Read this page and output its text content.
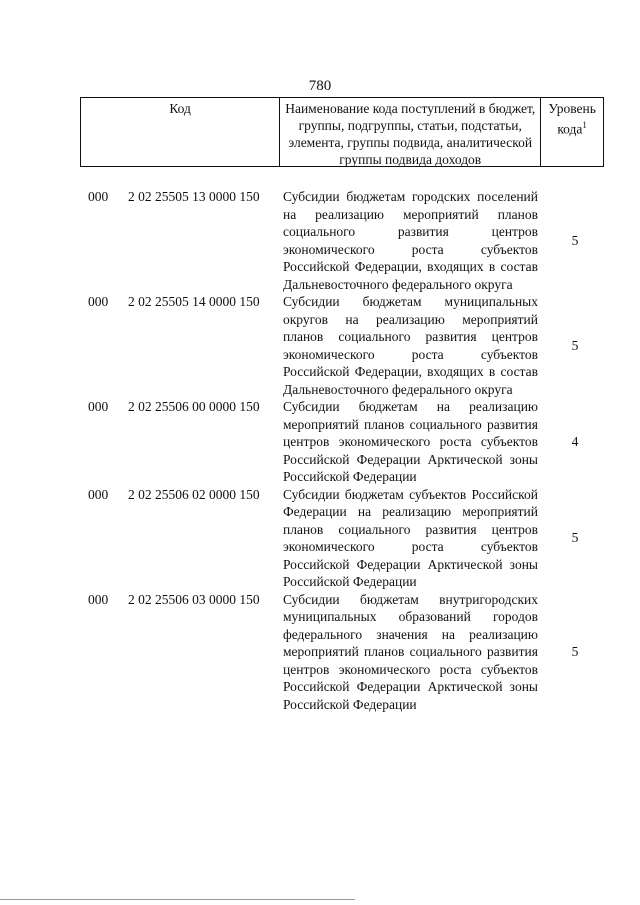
780
Код	Наименование кода поступлений в бюджет, группы, подгруппы, статьи, подстатьи, элемента, группы подвида, аналитической группы подвида доходов
Уровень кода$^1$
000 2 02 25505 13 0000 150 Субсидии бюджетам городских поселений на реализацию мероприятий планов социального развития центров экономического роста субъектов Российской Федерации, входящих в состав Дальневосточного федерального округа
5
000 2 02 25505 14 0000 150 Субсидии бюджетам муниципальных округов на реализацию мероприятий планов социального развития центров экономического роста субъектов Российской Федерации, входящих в состав Дальневосточного федерального округа
5
000 2 02 25506 00 0000 150 Субсидии бюджетам на реализацию мероприятий планов социального развития центров экономического роста субъектов Российской Федерации Арктической зоны Российской Федерации
4
000 2 02 25506 02 0000 150 Субсидии бюджетам субъектов Российской Федерации на реализацию мероприятий планов социального развития центров экономического роста субъектов Российской Федерации Арктической зоны Российской Федерации
5
000 2 02 25506 03 0000 150 Субсидии бюджетам внутригородских муниципальных образований городов федерального значения на реализацию мероприятий планов социального развития центров экономического роста субъектов Российской Федерации Арктической зоны Российской Федерации
5
